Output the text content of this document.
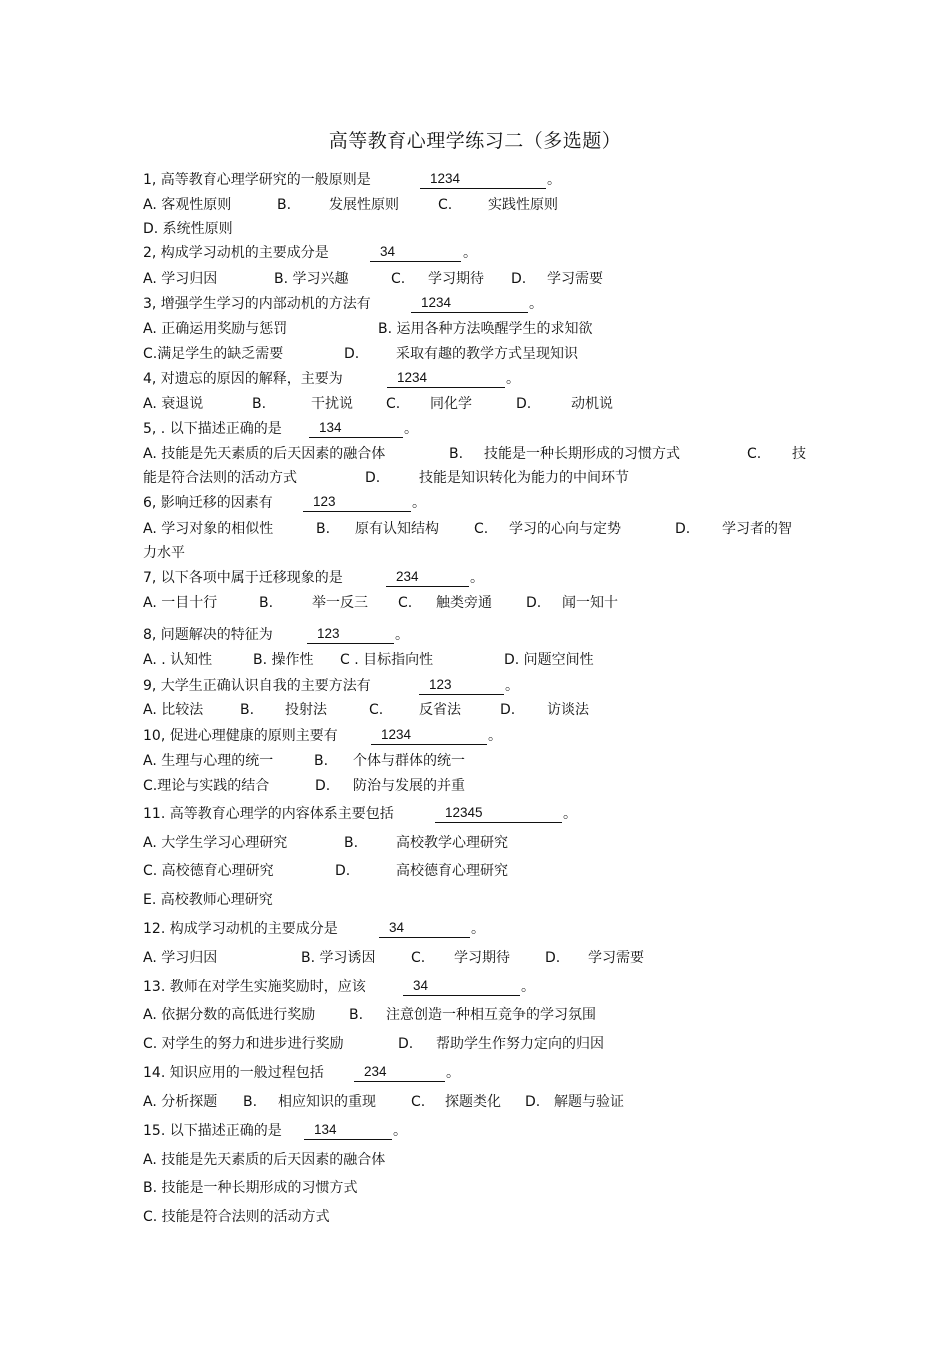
高等教育心理学练习二（多选题）
1, 高等教育心理学研究的一般原则是	1234	。
A. 客观性原则	B.	发展性原则	C.	实践性原则
D. 系统性原则
2, 构成学习动机的主要成分是	34	。
A. 学习归因	B. 学习兴趣	C. 学习期待 D. 学习需要
3, 增强学生学习的内部动机的方法有	1234	。
A. 正确运用奖励与惩罚	B. 运用各种方法唤醒学生的求知欲
C.满足学生的缺乏需要	D.	采取有趣的教学方式呈现知识
4, 对遗忘的原因的解释，主要为	1234	。
A. 衰退说	B.	干扰说 C. 同化学	D.	动机说
5, . 以下描述正确的是	134	。
A. 技能是先天素质的后天因素的融合体	B. 技能是一种长期形成的习惯方式	C. 技
能是符合法则的活动方式	D.	技能是知识转化为能力的中间环节
6, 影响迁移的因素有	123	。
A. 学习对象的相似性	B. 原有认知结构	C. 学习的心向与定势	D. 学习者的智
力水平
7, 以下各项中属于迁移现象的是	234	。
A. 一目十行	B.	举一反三 C. 触类旁通 D. 闻一知十
8, 问题解决的特征为	123	。
A. . 认知性	B. 操作性 C . 目标指向性	D. 问题空间性
9, 大学生正确认识自我的主要方法有	123	。
A. 比较法	B. 投射法	C.	反省法	D. 访谈法
10, 促进心理健康的原则主要有	1234	。
A. 生理与心理的统一	B. 个体与群体的统一
C.理论与实践的结合	D. 防治与发展的并重
11. 高等教育心理学的内容体系主要包括	12345	。
A. 大学生学习心理研究	B.	高校教学心理研究
C. 高校德育心理研究	D.	高校德育心理研究
E. 高校教师心理研究
12. 构成学习动机的主要成分是	34	。
A. 学习归因	B. 学习诱因	C. 学习期待	D. 学习需要
13. 教师在对学生实施奖励时，应该	34	。
A. 依据分数的高低进行奖励 B. 注意创造一种相互竞争的学习氛围
C. 对学生的努力和进步进行奖励	D. 帮助学生作努力定向的归因
14. 知识应用的一般过程包括	234	。
A. 分析探题 B. 相应知识的重现	C. 探题类化 D. 解题与验证
15. 以下描述正确的是	134	。
A. 技能是先天素质的后天因素的融合体
B. 技能是一种长期形成的习惯方式
C. 技能是符合法则的活动方式
